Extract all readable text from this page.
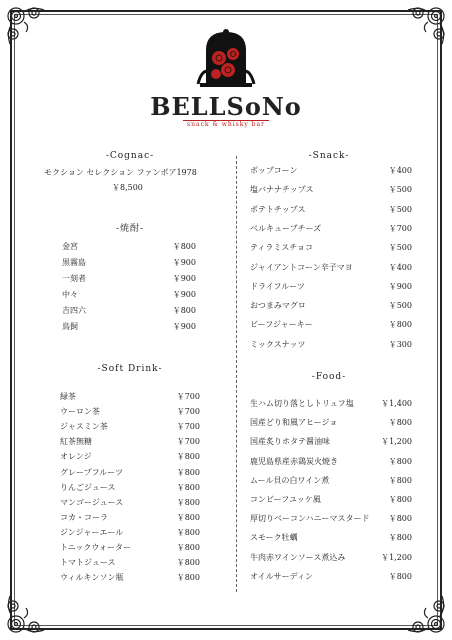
BELLSoNo
snack & whisky bar
-Cognac-
モクション セレクション ファンボア1978
￥8,500
-焼酎-
金宮	￥800
黒霧島	￥900
一刻者	￥900
中々	￥900
吉四六	￥800
鳥飼	￥900
-Soft Drink-
緑茶	￥700
ウーロン茶	￥700
ジャスミン茶	￥700
紅茶無糖	￥700
オレンジ	￥800
グレープフルーツ	￥800
りんごジュース	￥800
マンゴージュース	￥800
コカ・コーラ	￥800
ジンジャーエール	￥800
トニックウォーター	￥800
トマトジュース	￥800
ウィルキンソン瓶	￥800
-Snack-
ポップコーン	￥400
塩バナナチップス	￥500
ポテトチップス	￥500
ベルキューブチーズ	￥700
ティラミスチョコ	￥500
ジャイアントコーン辛子マヨ	￥400
ドライフルーツ	￥900
おつまみマグロ	￥500
ビーフジャーキー	￥800
ミックスナッツ	￥300
-Food-
生ハム切り落としトリュフ塩	￥1,400
国産どり和風アヒージョ	￥800
国産炙りホタテ醤油味	￥1,200
鹿児島県産赤鶏炭火焼き	￥800
ムール貝の白ワイン煮	￥800
コンビーフユッケ風	￥800
厚切りベーコンハニーマスタード ￥800
スモーク牡蠣	￥800
牛肉赤ワインソース煮込み	￥1,200
オイルサーディン	￥800
